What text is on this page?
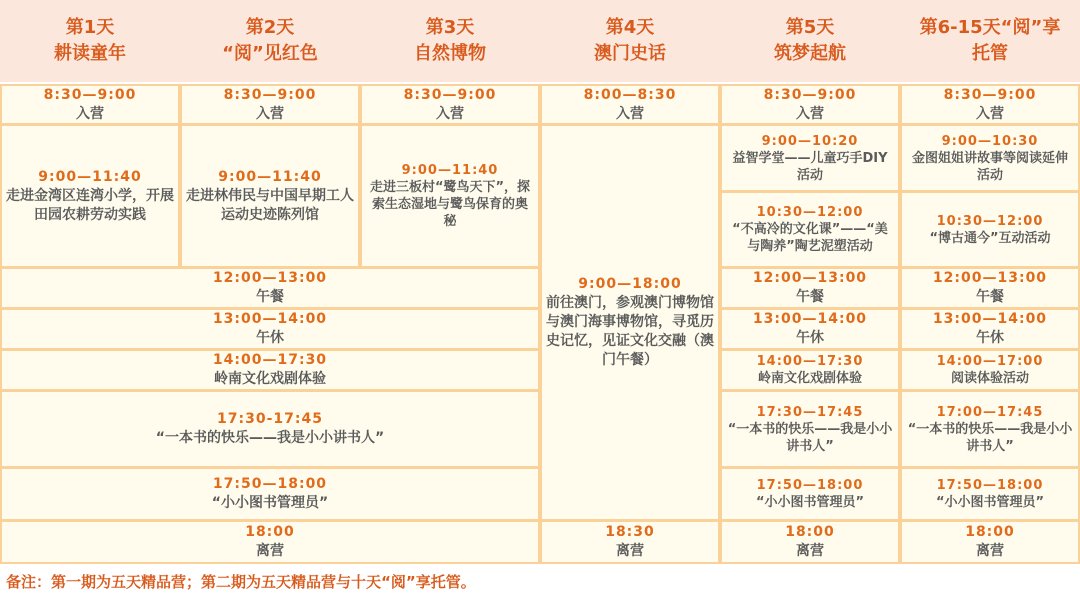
第1天
耕读童年
第2天
“阅”见红色
第3天
自然博物
第4天
澳门史话
第5天
筑梦起航
第6-15天“阅”享
托管
8:30—9:00
入营
8:30—9:00
入营
8:30—9:00
入营
8:00—8:30
入营
8:30—9:00
入营
8:30—9:00
入营
9:00—11:40
走进金湾区连湾小学，开展田园农耕劳动实践
9:00—11:40
走进林伟民与中国早期工人运动史迹陈列馆
9:00—11:40
走进三板村“鹭鸟天下”，探索生态湿地与鹭鸟保育的奥秘
9:00—18:00
前往澳门，参观澳门博物馆与澳门海事博物馆，寻觅历史记忆，见证文化交融（澳门午餐）
9:00—10:20
益智学堂——儿童巧手DIY活动
10:30—12:00
“不高冷的文化课”——“美与陶养”陶艺泥塑活动
9:00—10:30
金图姐姐讲故事等阅读延伸活动
10:30—12:00
“博古通今”互动活动
12:00—13:00
午餐
13:00—14:00
午休
14:00—17:30
岭南文化戏剧体验
17:30-17:45
“一本书的快乐——我是小小讲书人”
17:50—18:00
“小小图书管理员”
12:00—13:00
午餐
13:00—14:00
午休
14:00—17:30
岭南文化戏剧体验
17:30—17:45
“一本书的快乐——我是小小讲书人”
17:50—18:00
“小小图书管理员”
12:00—13:00
午餐
13:00—14:00
午休
14:00—17:00
阅读体验活动
17:00—17:45
“一本书的快乐——我是小小讲书人”
17:50—18:00
“小小图书管理员”
18:00
离营
18:30
离营
18:00
离营
18:00
离营
备注：第一期为五天精品营；第二期为五天精品营与十天“阅”享托管。
